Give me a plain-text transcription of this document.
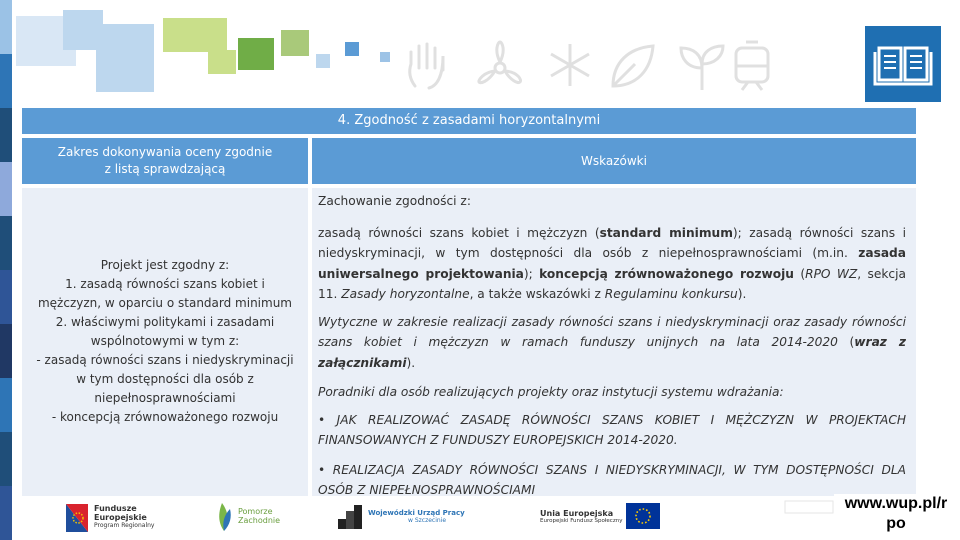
4. Zgodność z zasadami horyzontalnymi
Zakres dokonywania oceny zgodnie
z listą sprawdzającą
Wskazówki
Projekt jest zgodny z:
1. zasadą równości szans kobiet i
mężczyzn, w oparciu o standard minimum
2. właściwymi politykami i zasadami
wspólnotowymi w tym z:
- zasadą równości szans i niedyskryminacji
w tym dostępności dla osób z
niepełnosprawnościami
- koncepcją zrównoważonego rozwoju

Zachowanie zgodności z:

zasadą równości szans kobiet i mężczyzn (standard minimum); zasadą równości szans i niedyskryminacji, w tym dostępności dla osób z niepełnosprawnościami (m.in. zasada uniwersalnego projektowania); koncepcją zrównoważonego rozwoju (RPO WZ, sekcja 11. Zasady horyzontalne, a także wskazówki z Regulaminu konkursu).

Wytyczne w zakresie realizacji zasady równości szans i niedyskryminacji oraz zasady równości szans kobiet i mężczyzn w ramach funduszy unijnych na lata 2014-2020 (wraz z załącznikami).

Poradniki dla osób realizujących projekty oraz instytucji systemu wdrażania:

• JAK REALIZOWAĆ ZASADĘ RÓWNOŚCI SZANS KOBIET I MĘŻCZYZN W PROJEKTACH FINANSOWANYCH Z FUNDUSZY EUROPEJSKICH 2014-2020.

• REALIZACJA ZASADY RÓWNOŚCI SZANS I NIEDYSKRYMINACJI, W TYM DOSTĘPNOŚCI DLA OSÓB Z NIEPEŁNOSPRAWNOŚCIAMI

Fundusze
Europejskie
Program Regionalny
Pomorze
Zachodnie
Wojewódzki Urząd Pracy
w Szczecinie
Unia Europejska
Europejski Fundusz Społeczny
www.wup.pl/r po
